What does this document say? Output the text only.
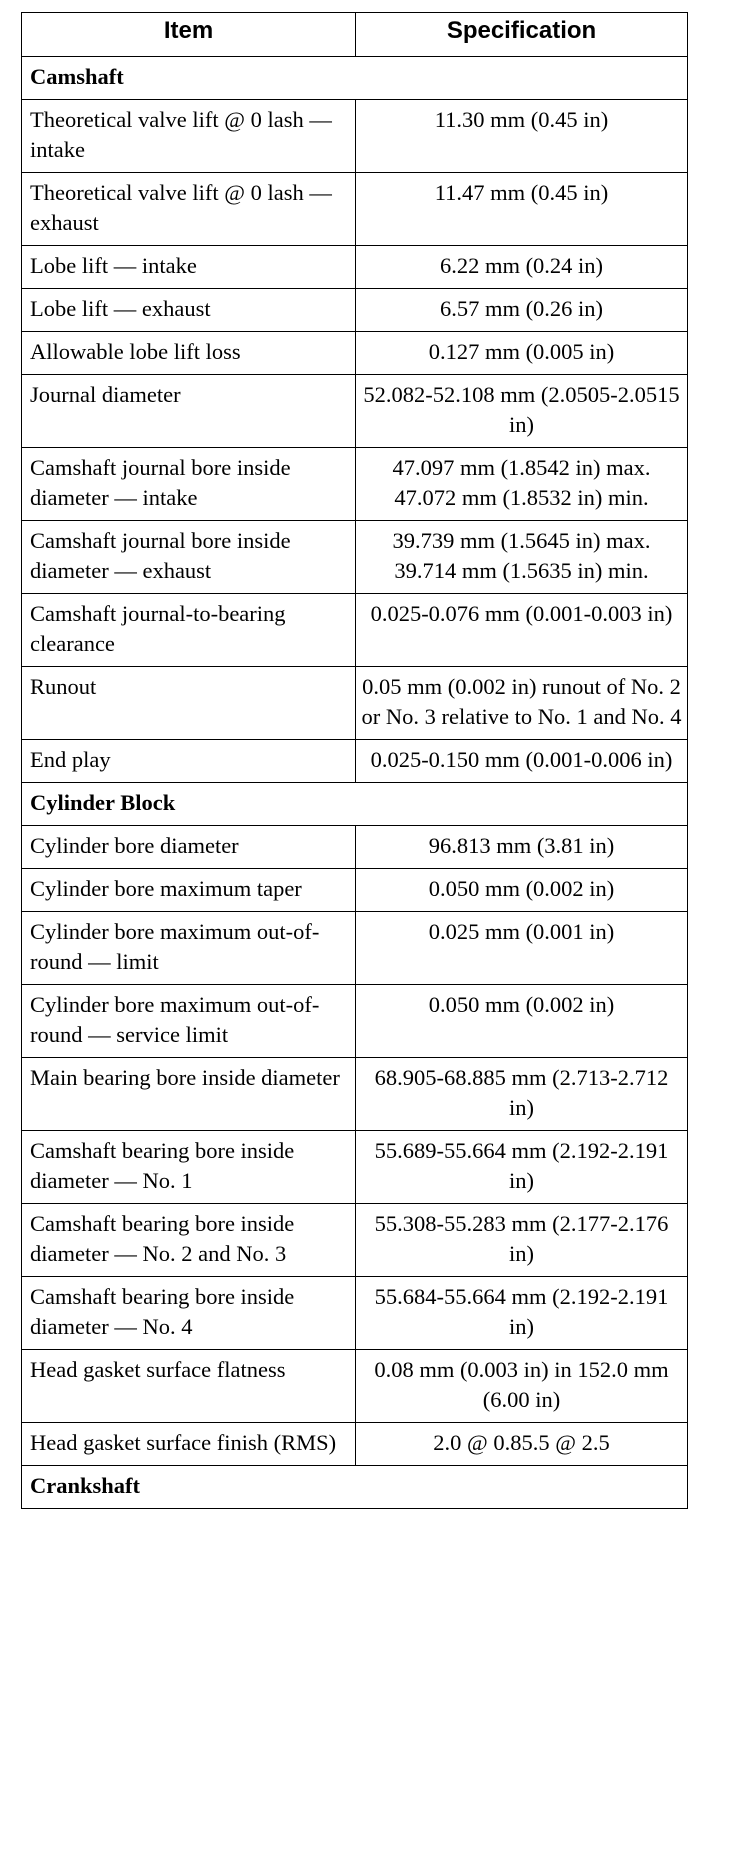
Item	Specification
Camshaft	
Theoretical valve lift @ 0 lash — intake	11.30 mm (0.45 in)
Theoretical valve lift @ 0 lash — exhaust	11.47 mm (0.45 in)
Lobe lift — intake	6.22 mm (0.24 in)
Lobe lift — exhaust	6.57 mm (0.26 in)
Allowable lobe lift loss	0.127 mm (0.005 in)
Journal diameter	52.082-52.108 mm (2.0505-2.0515 in)
Camshaft journal bore inside diameter — intake	47.097 mm (1.8542 in) max. 47.072 mm (1.8532 in) min.
Camshaft journal bore inside diameter — exhaust	39.739 mm (1.5645 in) max. 39.714 mm (1.5635 in) min.
Camshaft journal-to-bearing clearance	0.025-0.076 mm (0.001-0.003 in)
Runout	0.05 mm (0.002 in) runout of No. 2 or No. 3 relative to No. 1 and No. 4
End play	0.025-0.150 mm (0.001-0.006 in)
Cylinder Block	
Cylinder bore diameter	96.813 mm (3.81 in)
Cylinder bore maximum taper	0.050 mm (0.002 in)
Cylinder bore maximum out-of-round — limit	0.025 mm (0.001 in)
Cylinder bore maximum out-of-round — service limit	0.050 mm (0.002 in)
Main bearing bore inside diameter	68.905-68.885 mm (2.713-2.712 in)
Camshaft bearing bore inside diameter — No. 1	55.689-55.664 mm (2.192-2.191 in)
Camshaft bearing bore inside diameter — No. 2 and No. 3	55.308-55.283 mm (2.177-2.176 in)
Camshaft bearing bore inside diameter — No. 4	55.684-55.664 mm (2.192-2.191 in)
Head gasket surface flatness	0.08 mm (0.003 in) in 152.0 mm (6.00 in)
Head gasket surface finish (RMS)	2.0 @ 0.85.5 @ 2.5
Crankshaft	
